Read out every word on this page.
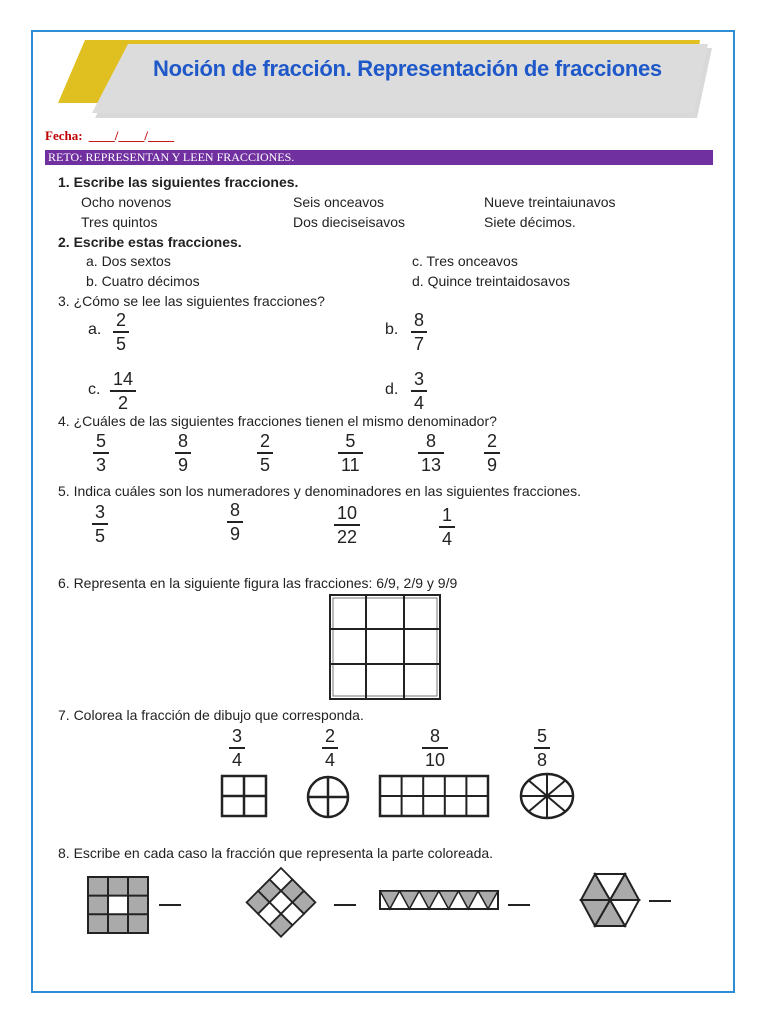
Noción de fracción. Representación de fracciones
Fecha: ____/____/____
RETO: REPRESENTAN Y LEEN FRACCIONES.
1. Escribe las siguientes fracciones.
Ocho novenos	Seis onceavos	Nueve treintaiunavos
Tres quintos	Dos dieciseisavos	Siete décimos.
2. Escribe estas fracciones.
a. Dos sextos	c. Tres onceavos
b. Cuatro décimos	d. Quince treintaidosavos
3. ¿Cómo se lee las siguientes fracciones?
a. 2
5
b. 8
7
c.
14
2
d.
3
4
4. ¿Cuáles de las siguientes fracciones tienen el mismo denominador?
5
3
8
9
2
5
5
11
8
13
2
9
5. Indica cuáles son los numeradores y denominadores en las siguientes fracciones.
3
5
8
9
10
22
1
4
6. Representa en la siguiente figura las fracciones: 6/9, 2/9 y 9/9
7. Colorea la fracción de dibujo que corresponda.
3
4
2
4
8
10
5
8
8. Escribe en cada caso la fracción que representa la parte coloreada.
